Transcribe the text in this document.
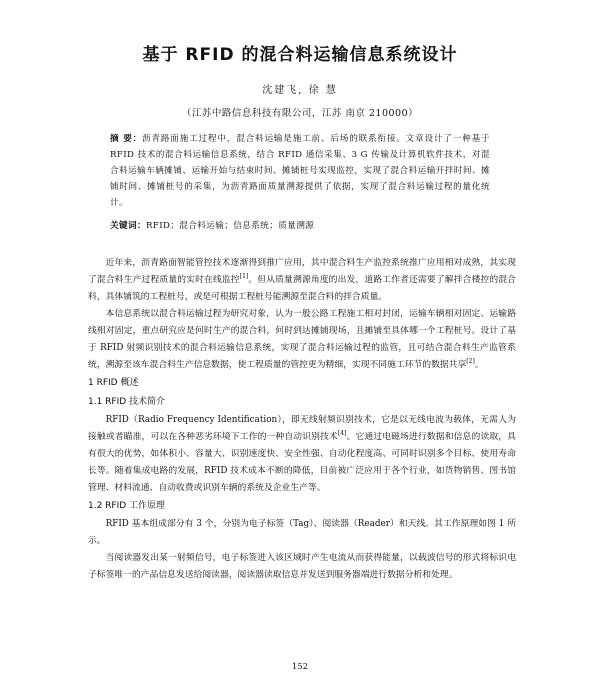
基于 RFID 的混合料运输信息系统设计
沈建飞, 徐 慧
（江苏中路信息科技有限公司，江苏 南京 210000）
摘 要：沥青路面施工过程中，混合料运输是施工前、后场的联系衔接。文章设计了一种基于 RFID 技术的混合料运输信息系统，结合 RFID 通信采集、3 G 传输及计算机软件技术，对混合料运输车辆摊铺、运输开始与结束时间、摊铺桩号实现监控，实现了混合料运输开拌时间、摊铺时间、摊铺桩号的采集，为沥青路面质量溯源提供了依据，实现了混合料运输过程的量化统计。
关键词：RFID；混合料运输；信息系统；质量溯源

近年来，沥青路面智能管控技术逐渐得到推广应用，其中混合料生产监控系统推广应用相对成熟，其实现了混合料生产过程质量的实时在线监控[1]。但从质量溯源角度的出发，道路工作者还需要了解拌合楼控的混合料，具体铺筑的工程桩号，或是可根据工程桩号能溯源至混合料的拌合质量。

本信息系统以混合料运输过程为研究对象，认为一般公路工程施工相对封闭，运输车辆相对固定、运输路线相对固定，重点研究应是何时生产的混合料，何时到达摊铺现场，且摊铺至具体哪一个工程桩号。设计了基于 RFID 射频识别技术的混合料运输信息系统，实现了混合料运输过程的监管，且可结合混合料生产监管系统，溯源至该车混合料生产信息数据，使工程质量的管控更为精细，实现不同施工环节的数据共享[2]。

1 RFID 概述
1.1 RFID 技术简介

RFID（Radio Frequency Identification），即无线射频识别技术，它是以无线电波为载体，无需人为接触或者瞄准，可以在各种恶劣环境下工作的一种自动识别技术[4]。它通过电磁场进行数据和信息的读取，具有很大的优势，如体积小、容量大、识别速度快、安全性强、自动化程度高、可同时识别多个目标、使用寿命长等。随着集成电路的发展，RFID 技术成本不断的降低，目前被广泛应用于各个行业，如货物销售、图书馆管理、材料流通、自动收费或识别车辆的系统及企业生产等。

1.2 RFID 工作原理

RFID 基本组成部分有 3 个，分别为电子标签（Tag）、阅读器（Reader）和天线。其工作原理如图 1 所示。

当阅读器发出某一射频信号，电子标签进入该区域时产生电流从而获得能量，以载波信号的形式将标识电子标签唯一的产品信息发送给阅读器，阅读器读取信息并发送到服务器端进行数据分析和处理。

152
